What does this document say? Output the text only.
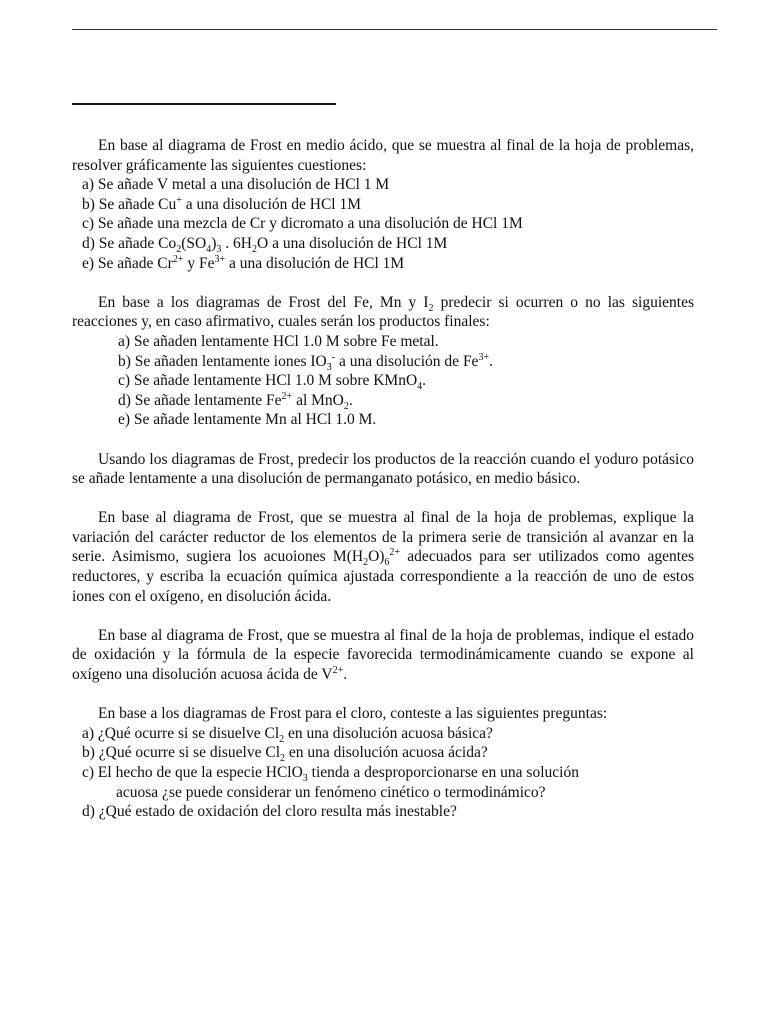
En base al diagrama de Frost en medio ácido, que se muestra al final de la hoja de problemas, resolver gráficamente las siguientes cuestiones:

a) Se añade V metal a una disolución de HCl 1 M
b) Se añade Cu+ a una disolución de HCl 1M
c) Se añade una mezcla de Cr y dicromato a una disolución de HCl 1M
d) Se añade $Co_2(SO_4)_3$ . $6H_2O$ a una disolución de HCl 1M
e) Se añade $Cr^{2+}$ y $Fe^{3+}$ a una disolución de HCl 1M

En base a los diagramas de Frost del Fe, Mn y $I_2$ predecir si ocurren o no las siguientes reacciones y, en caso afirmativo, cuales serán los productos finales:

a) Se añaden lentamente HCl 1.0 M sobre Fe metal.
b) Se añaden lentamente iones $IO_3^-$ a una disolución de $Fe^{3+}$.
c) Se añade lentamente HCl 1.0 M sobre KMnO$_4$.
d) Se añade lentamente $Fe^{2+}$ al MnO$_2$.
e) Se añade lentamente Mn al HCl 1.0 M.

Usando los diagramas de Frost, predecir los productos de la reacción cuando el yoduro potásico se añade lentamente a una disolución de permanganato potásico, en medio básico.

En base al diagrama de Frost, que se muestra al final de la hoja de problemas, explique la variación del carácter reductor de los elementos de la primera serie de transición al avanzar en la serie. Asimismo, sugiera los acuoiones $M(H_2O)_6^{2+}$ adecuados para ser utilizados como agentes reductores, y escriba la ecuación química ajustada correspondiente a la reacción de uno de estos iones con el oxígeno, en disolución ácida.

En base al diagrama de Frost, que se muestra al final de la hoja de problemas, indique el estado de oxidación y la fórmula de la especie favorecida termodinámicamente cuando se expone al oxígeno una disolución acuosa ácida de $V^{2+}$.

En base a los diagramas de Frost para el cloro, conteste a las siguientes preguntas:

a) ¿Qué ocurre si se disuelve $Cl_2$ en una disolución acuosa básica?
b) ¿Qué ocurre si se disuelve $Cl_2$ en una disolución acuosa ácida?
c) El hecho de que la especie HClO$_3$ tienda a desproporcionarse en una solución
acuosa ¿se puede considerar un fenómeno cinético o termodinámico?
d) ¿Qué estado de oxidación del cloro resulta más inestable?
